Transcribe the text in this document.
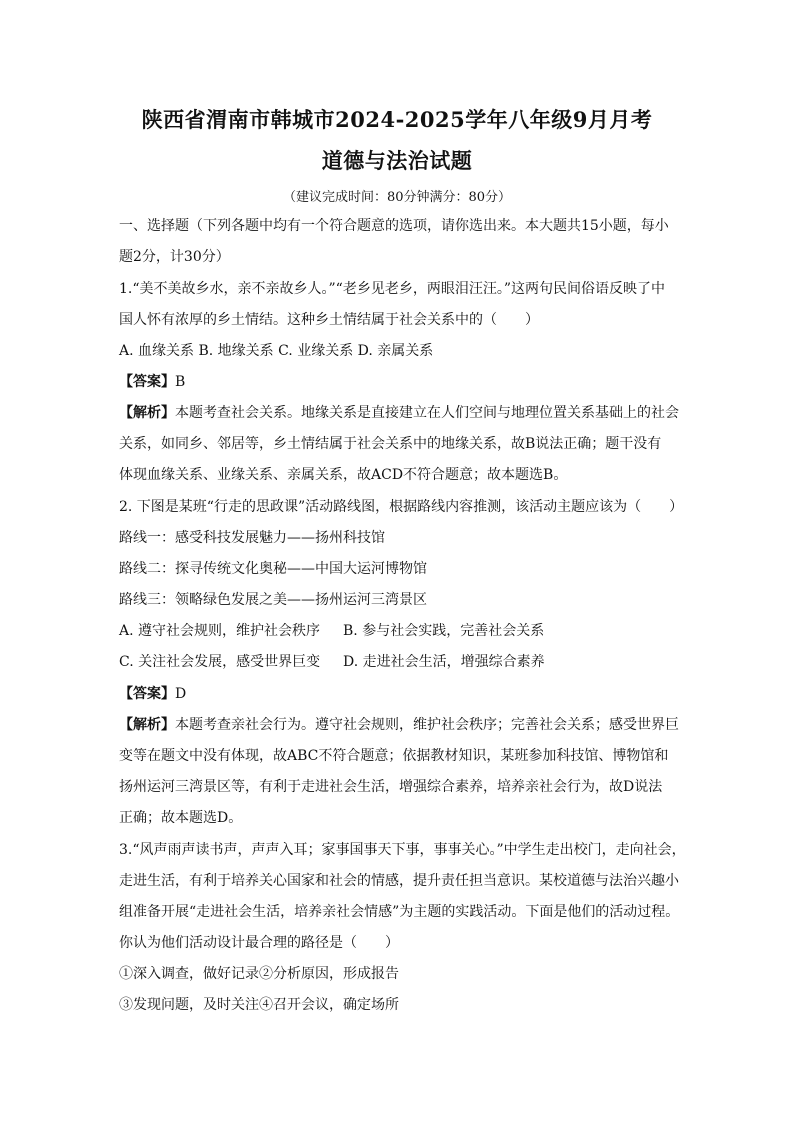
陕西省渭南市韩城市2024-2025学年八年级9月月考
道德与法治试题
（建议完成时间：80分钟满分：80分）
一、选择题（下列各题中均有一个符合题意的选项，请你选出来。本大题共15小题，每小
题2分，计30分）
1.“美不美故乡水，亲不亲故乡人。”“老乡见老乡，两眼泪汪汪。”这两句民间俗语反映了中
国人怀有浓厚的乡土情结。这种乡土情结属于社会关系中的（　　）
A. 血缘关系 B. 地缘关系 C. 业缘关系 D. 亲属关系
【答案】B
【解析】本题考查社会关系。地缘关系是直接建立在人们空间与地理位置关系基础上的社会
关系，如同乡、邻居等，乡土情结属于社会关系中的地缘关系，故B说法正确；题干没有
体现血缘关系、业缘关系、亲属关系，故ACD不符合题意；故本题选B。
2. 下图是某班“行走的思政课”活动路线图，根据路线内容推测，该活动主题应该为（　　）
路线一：感受科技发展魅力——扬州科技馆
路线二：探寻传统文化奥秘——中国大运河博物馆
路线三：领略绿色发展之美——扬州运河三湾景区
A. 遵守社会规则，维护社会秩序 B. 参与社会实践，完善社会关系
C. 关注社会发展，感受世界巨变 D. 走进社会生活，增强综合素养
【答案】D
【解析】本题考查亲社会行为。遵守社会规则，维护社会秩序；完善社会关系；感受世界巨
变等在题文中没有体现，故ABC不符合题意；依据教材知识，某班参加科技馆、博物馆和
扬州运河三湾景区等，有利于走进社会生活，增强综合素养，培养亲社会行为，故D说法
正确；故本题选D。
3.“风声雨声读书声，声声入耳；家事国事天下事，事事关心。”中学生走出校门，走向社会，
走进生活，有利于培养关心国家和社会的情感，提升责任担当意识。某校道德与法治兴趣小
组准备开展“走进社会生活，培养亲社会情感”为主题的实践活动。下面是他们的活动过程。
你认为他们活动设计最合理的路径是（　　）
①深入调查，做好记录②分析原因，形成报告
③发现问题，及时关注④召开会议，确定场所
